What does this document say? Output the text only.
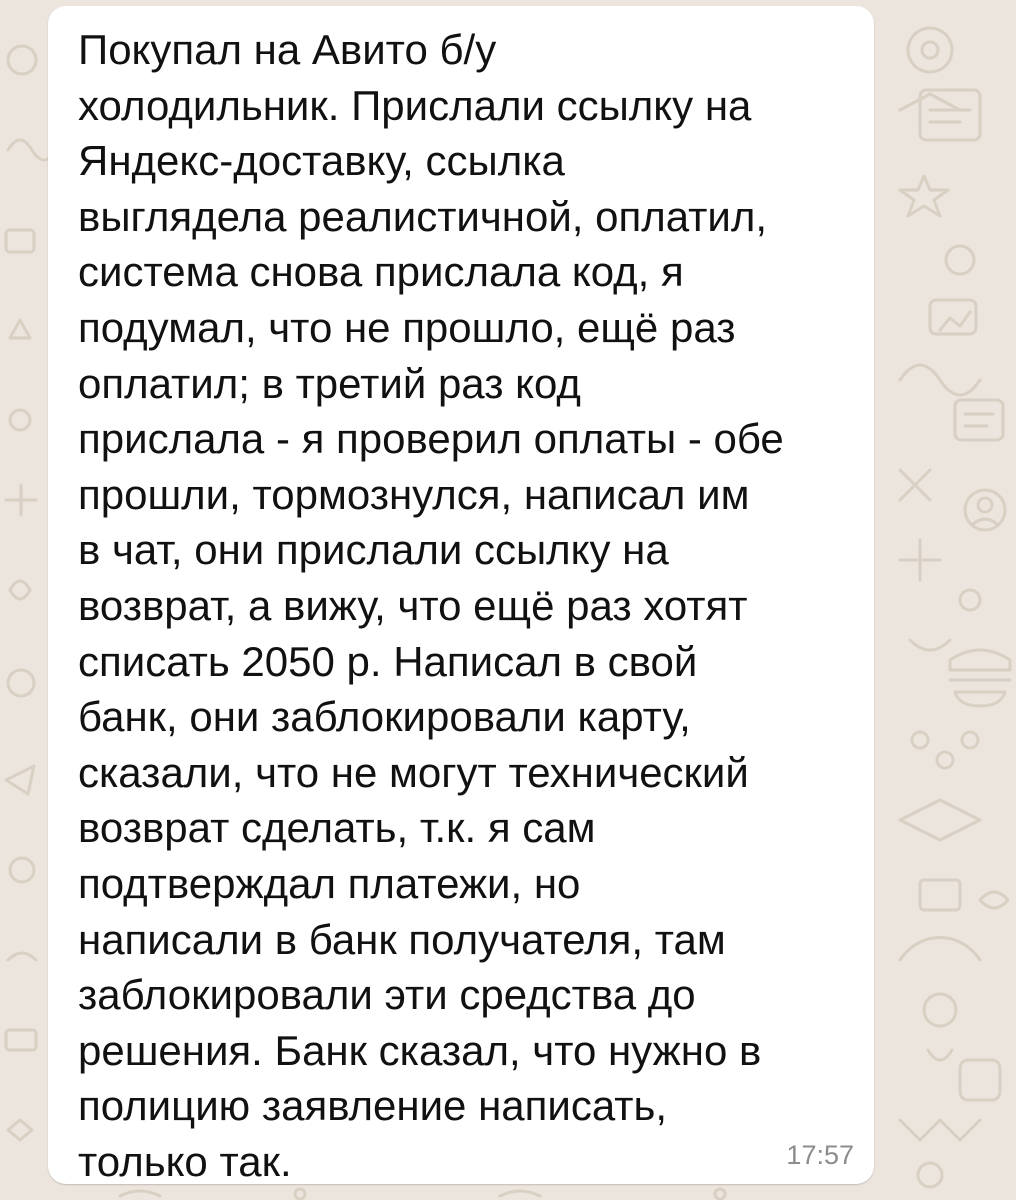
Покупал на Авито б/у
холодильник. Прислали ссылку на
Яндекс-доставку, ссылка
выглядела реалистичной, оплатил,
система снова прислала код, я
подумал, что не прошло, ещё раз
оплатил; в третий раз код
прислала - я проверил оплаты - обе
прошли, тормознулся, написал им
в чат, они прислали ссылку на
возврат, а вижу, что ещё раз хотят
списать 2050 р. Написал в свой
банк, они заблокировали карту,
сказали, что не могут технический
возврат сделать, т.к. я сам
подтверждал платежи, но
написали в банк получателя, там
заблокировали эти средства до
решения. Банк сказал, что нужно в
полицию заявление написать,
только так.	17:57
